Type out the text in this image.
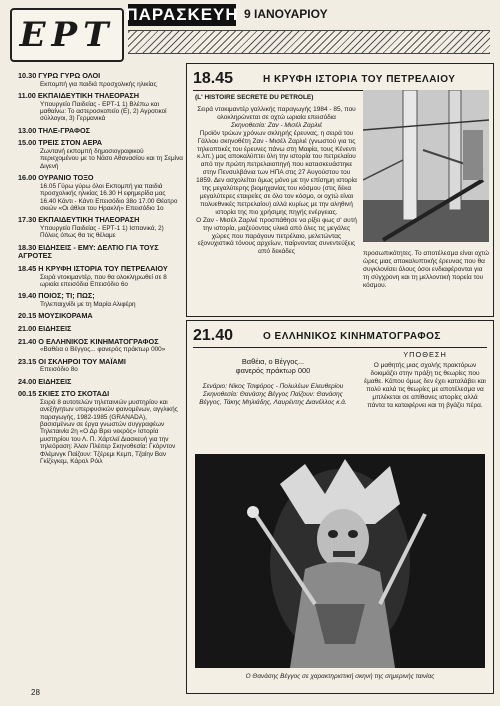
ΕΡΤ
ΠΑΡΑΣΚΕΥΗ 9 ΙΑΝΟΥΑΡΙΟΥ
10.30 ΓΥΡΩ ΓΥΡΩ ΟΛΟΙ
Εκπομπή για παιδιά προσχολικής ηλικίας
11.00 ΕΚΠΑΙΔΕΥΤΙΚΗ ΤΗΛΕΟΡΑΣΗ
Υπουργείο Παιδείας - ΕΡΤ-1 1) Βλέπω και μαθαίνω: Το αστεροσκοπείο (Ε), 2) Αγροτικοί σύλλογοι, 3) Γερμανικά
13.00 ΤΗΛΕ-ΓΡΑΦΟΣ
15.00 ΤΡΕΙΣ ΣΤΟΝ ΑΕΡΑ
Ζωντανή εκπομπή δημοσιογραφικού περιεχομένου με το Νάσο Αθανασίου και τη Σεμίνα Διγενή
16.00 ΟΥΡΑΝΙΟ ΤΟΞΟ
16.05 Γύρω γύρω όλοι Εκπομπή για παιδιά προσχολικής ηλικίας 16.30 Η εφημερίδα μας 16.40 Κάντι - Κάντι Επεισόδιο 38ο 17.00 Θέατρο σκιών «Οι άθλοι του Ηρακλή» Επεισόδιο 1ο
17.30 ΕΚΠΑΙΔΕΥΤΙΚΗ ΤΗΛΕΟΡΑΣΗ
Υπουργείο Παιδείας - ΕΡΤ-1 1) Ισπανικά, 2) Πόλεις όπως θα τις θέλαμε
18.30 ΕΙΔΗΣΕΙΣ - ΕΜΥ: ΔΕΛΤΙΟ ΓΙΑ ΤΟΥΣ ΑΓΡΟΤΕΣ
18.45 Η ΚΡΥΦΗ ΙΣΤΟΡΙΑ ΤΟΥ ΠΕΤΡΕΛΑΙΟΥ
Σειρά ντοκιμαντέρ, που θα ολοκληρωθεί σε 8 ωριαία επεισόδια Επεισόδιο 6ο
19.40 ΠΟΙΟΣ; ΤΙ; ΠΩΣ;
Τηλεπαιχνίδι με τη Μαρία Αλιφέρη
20.15 ΜΟΥΣΙΚΟΡΑΜΑ
21.00 ΕΙΔΗΣΕΙΣ
21.40 Ο ΕΛΛΗΝΙΚΟΣ ΚΙΝΗΜΑΤΟΓΡΑΦΟΣ
«Βαθέια ο Βέγγος... φανερός πράκτωρ 000»
23.15 ΟΙ ΣΚΛΗΡΟΙ ΤΟΥ ΜΑΪΑΜΙ
Επεισόδιο 8ο
24.00 ΕΙΔΗΣΕΙΣ
00.15 ΣΚΙΕΣ ΣΤΟ ΣΚΟΤΑΔΙ
Σειρά 8 αυτοτελών τηλεταινιών μυστηρίου και ανεξήγητων υπερφυσικών φαινομένων, αγγλικής παραγωγής, 1982-1985 (GRANADA), βασισμένων σε έργα γνωστών συγγραφέων Τηλεταινία 2η «Ο Δρ Βρει νεκρός» Ιστορία μυστηρίου του Λ. Π. Χάρτλεϊ Διασκευή για την τηλεόραση: Άλαν Πλέιτερ Σκηνοθεσία: Γκόρντον Φλέμινγκ Παίζουν: Τζέρεμι Κεμπ, Τζαίην Βαν Γκίζεγκεμ, Κάρολ Ρόιλ
18.45	Η ΚΡΥΦΗ ΙΣΤΟΡΙΑ ΤΟΥ ΠΕΤΡΕΛΑΙΟΥ
(L' HISTOIRE SECRETE DU PETROLE)
Σειρά ντοκιμαντέρ γαλλικής παραγωγής 1984 - 85, που ολοκληρώνεται σε οχτώ ωριαία επεισόδια
Σκηνοθεσία: Ζαν - Μισέλ Ζαρλιέ
Προϊόν τρώων χρόνων σκληρής έρευνας, η σειρά του Γάλλου σκηνοθέτη Ζαν - Μισέλ Ζαρλιέ (γνωστού για τις τηλεοπτικές του έρευνες πάνω στη Μαφία, τους Κένεντι κ.λπ.) μας αποκαλύπτει όλη την ιστορία του πετρελαίου από την πρώτη πετρελαιοπηγή που κατασκευάστηκε στην Πενσυλβάνια των ΗΠΑ στις 27 Αυγούστου του 1859. Δεν ασχολείται όμως μόνο με την επίσημη ιστορία της μεγαλύτερης βιομηχανίας του κόσμου (στις δέκα μεγαλύτερες εταιρείες σε όλο τον κόσμο, οι οχτώ είναι πολυεθνικές πετρελαίου) αλλά κυρίως με την αληθινή ιστορία της πιο χρήσιμης πηγής ενέργειας.
Ο Ζαν - Μισέλ Ζαρλιέ προσπάθησε να ρίξει φως σ' αυτή την ιστορία, μαζεύοντας υλικά από όλες τις μεγάλες χώρες που παράγουν πετρέλαιο, μελετώντας εξονυχιστικά τόνους αρχείων, παίρνοντας συνεντεύξεις από δεκάδες	προσωπικότητες. Το αποτέλεσμα είναι οχτώ ώρες μιας αποκαλυπτικής έρευνας που θα συγκλονίσει όλους όσοι ενδιαφέρονται για τη σύγχρονη και τη μελλοντική πορεία του κόσμου.
21.40	Ο ΕΛΛΗΝΙΚΟΣ ΚΙΝΗΜΑΤΟΓΡΑΦΟΣ
Βαθέια, ο Βέγγος...
φανερός πράκτωρ 000
Σενάριο: Νίκος Τσιφόρος - Πολυλέων Ελευθερίου Σκηνοθεσία: Θανάσης Βέγγος Παίζουν: Θανάσης Βέγγος, Τάκης Μηλιάδης, Λαυρέντης Διανέλλος κ.ά.
ΥΠΟΘΕΣΗ
Ο μαθητής μιας σχολής πρακτόρων δοκιμάζει στην πράξη τις θεωρίες που έμαθε. Κάπου όμως δεν έχει καταλάβει και πολύ καλά τις θεωρίες με αποτέλεσμα να μπλέκεται σε απίθανες ιστορίες αλλά πάντα τα καταφέρνει και τη βγάζει πέρα.
Ο Θανάσης Βέγγος σε χαρακτηριστική σκηνή της σημερινής ταινίας
28
